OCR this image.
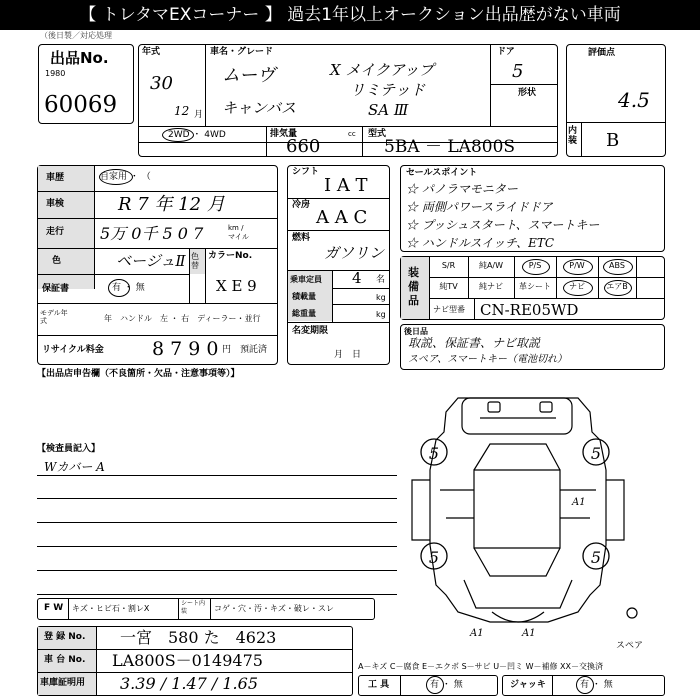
【 トレタマEXコーナー 】 過去1年以上オークション出品歴がない車両
（後日製／対応処理
出品No.
1980
60069
年式
30
12 月
車名・グレード
ムーヴ	X メイクアップ
リミテッド
キャンバス	SA Ⅲ
ドア
5
形状
2WD ・ 4WD	排気量	cc
660
型式
5BA － LA800S
評価点
4.5
内装 B
車歴	自家用 ・ （
車検	R 7 年 12 月
走行 5万 0千 5 0 7	km / マイル
色	ベージュⅡ 色替
カラーNo.
X E 9
保証書	有 ・ 無
モデル年式	年　ハンドル　左 ・ 右　ディーラー・並行
リサイクル料金	8 7 9 0 円　預託済
シフト
I A T
冷房
A A C
燃料
ガソリン
乗車定員 4 名
積載量	kg
総重量	kg
名変期限
月　日
セールスポイント
☆ パノラマモニター
☆ 両側パワースライドドア
☆ プッシュスタート、スマートキー
☆ ハンドルスイッチ、ETC
装備品
S/R	純A/W	P/S	P/W	ABS
純TV	純ナビ	革シート	ナビ	エアB
ナビ型番 CN-RE05WD
後日品
取説、保証書、ナビ取説
スペア、スマートキー（電池切れ）
【出品店申告欄（不良箇所・欠品・注意事項等）】
【検査員記入】
Wカバー A
5	5
5	5
A1
A1	A1
スペア
F W キズ・ヒビ石・割レX
シート内装	コゲ・穴・汚・キズ・破レ・スレ
登 録 No. 一宮　580 た　4623
車 台 No. LA800S－0149475
車庫証明用 3.39 / 1.47 / 1.65
A－キズ C－腐食 E－エクボ S－サビ U－凹ミ W－補修 XX－交換済
工 具	有 ・ 無	ジャッキ	有 ・ 無
